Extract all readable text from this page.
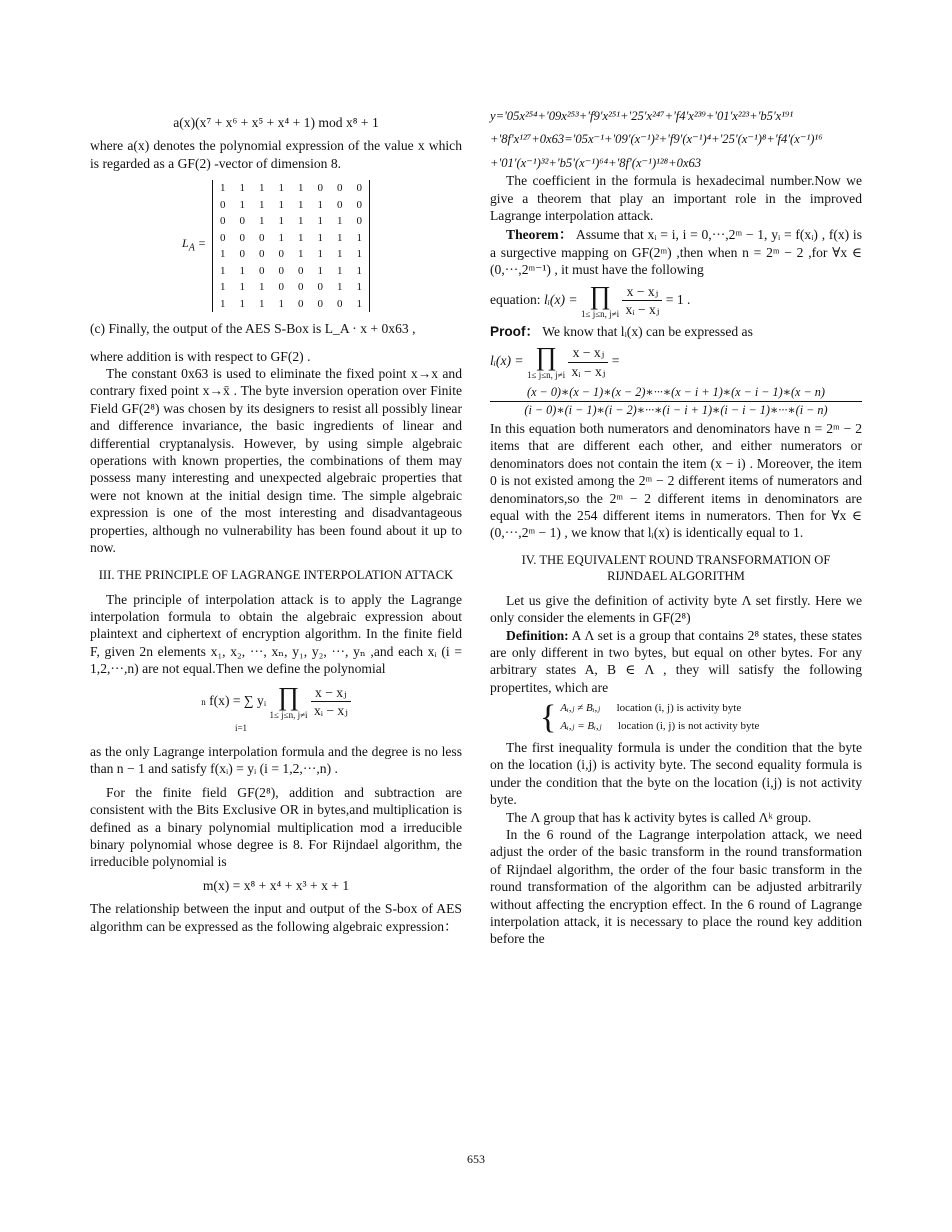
a(x)(x⁷ + x⁶ + x⁵ + x⁴ + 1) mod x⁸ + 1

where a(x) denotes the polynomial expression of the value x which is regarded as a GF(2) -vector of dimension 8.

$L_A$ =
1	1	1	1	1	0	0	0
0	1	1	1	1	1	0	0
0	0	1	1	1	1	1	0
0	0	0	1	1	1	1	1
1	0	0	0	1	1	1	1
1	1	0	0	0	1	1	1
1	1	1	0	0	0	1	1
1	1	1	1	0	0	0	1

(c) Finally, the output of the AES S-Box is L_A · x + 0x63 ,

where addition is with respect to GF(2) .

The constant 0x63 is used to eliminate the fixed point x→x and contrary fixed point x→x̄ . The byte inversion operation over Finite Field GF(2⁸) was chosen by its designers to resist all possibly linear and difference invariance, the basic ingredients of linear and differential cryptanalysis. However, by using simple algebraic operations with known properties, the combinations of them may possess many interesting and unexpected algebraic properties that were not known at the initial design time. The simple algebraic expression is one of the most interesting and disadvantageous properties, although no vulnerability has been found about it up to now.

III. THE PRINCIPLE OF LAGRANGE INTERPOLATION ATTACK

The principle of interpolation attack is to apply the Lagrange interpolation formula to obtain the algebraic expression about plaintext and ciphertext of encryption algorithm. In the finite field F, given 2n elements x₁, x₂, ···, xₙ, y₁, y₂, ···, yₙ ,and each xᵢ (i = 1,2,···,n) are not equal.Then we define the polynomial

n f(x) = ∑ yᵢ ∏
1≤ j≤n, j≠i
$\frac{\text{x − xⱼ}}{\text{xᵢ − xⱼ}}$
i=1

as the only Lagrange interpolation formula and the degree is no less than n − 1 and satisfy f(xᵢ) = yᵢ (i = 1,2,···,n) .

For the finite field GF(2⁸), addition and subtraction are consistent with the Bits Exclusive OR in bytes,and multiplication is defined as a binary polynomial multiplication mod a irreducible binary polynomial whose degree is 8. For Rijndael algorithm, the irreducible polynomial is

m(x) = x⁸ + x⁴ + x³ + x + 1

The relationship between the input and output of the S-box of AES algorithm can be expressed as the following algebraic expression：

y='05x²⁵⁴+'09x²⁵³+'f9'x²⁵¹+'25'x²⁴⁷+'f4'x²³⁹+'01'x²²³+'b5'x¹⁹¹

+'8f'x¹²⁷+0x63='05x⁻¹+'09'(x⁻¹)²+'f9'(x⁻¹)⁴+'25'(x⁻¹)⁸+'f4'(x⁻¹)¹⁶

+'01'(x⁻¹)³²+'b5'(x⁻¹)⁶⁴+'8f'(x⁻¹)¹²⁸+0x63

The coefficient in the formula is hexadecimal number.Now we give a theorem that play an important role in the improved Lagrange interpolation attack.

Theorem： Assume that xᵢ = i, i = 0,···,2ᵐ − 1, yᵢ = f(xᵢ) , f(x) is a surgective mapping on GF(2ᵐ) ,then when n = 2ᵐ − 2 ,for ∀x ∈ (0,···,2ᵐ⁻¹) , it must have the following

equation: lᵢ(x) = ∏
1≤ j≤n, j≠i
$\frac{\text{x − xⱼ}}{\text{xᵢ − xⱼ}} = 1$ .

Proof： We know that lᵢ(x) can be expressed as

lᵢ(x) = ∏
1≤ j≤n, j≠i
$\frac{\text{x − xⱼ}}{\text{xᵢ − xⱼ}}$ =
(x − 0)∗(x − 1)∗(x − 2)∗···∗(x − i + 1)∗(x − i − 1)∗(x − n)
(i − 0)∗(i − 1)∗(i − 2)∗···∗(i − i + 1)∗(i − i − 1)∗···∗(i − n)

In this equation both numerators and denominators have n = 2ᵐ − 2 items that are different each other, and either numerators or denominators does not contain the item (x − i) . Moreover, the item 0 is not existed among the 2ᵐ − 2 different items of numerators and denominators,so the 2ᵐ − 2 different items in denominators are equal with the 254 different items in numerators. Then for ∀x ∈ (0,···,2ᵐ − 1) , we know that lᵢ(x) is identically equal to 1.

IV. THE EQUIVALENT ROUND TRANSFORMATION OF RIJNDAEL ALGORITHM

Let us give the definition of activity byte Λ set firstly. Here we only consider the elements in GF(2⁸)

Definition: A Λ set is a group that contains 2⁸ states, these states are only different in two bytes, but equal on other bytes. For any arbitrary states A, B ∈ Λ , they will satisfy the following propertites, which are

{ Aᵢ,ⱼ ≠ Bᵢ,ⱼ location (i, j) is activity byte
Aᵢ,ⱼ = Bᵢ,ⱼ location (i, j) is not activity byte

The first inequality formula is under the condition that the byte on the location (i,j) is activity byte. The second equality formula is under the condition that the byte on the location (i,j) is not activity byte.

The Λ group that has k activity bytes is called Λᵏ group.

In the 6 round of the Lagrange interpolation attack, we need adjust the order of the basic transform in the round transformation of Rijndael algorithm, the order of the four basic transform in the round transformation of the algorithm can be adjusted arbitrarily without affecting the encryption effect. In the 6 round of Lagrange interpolation attack, it is necessary to place the round key addition before the

653
